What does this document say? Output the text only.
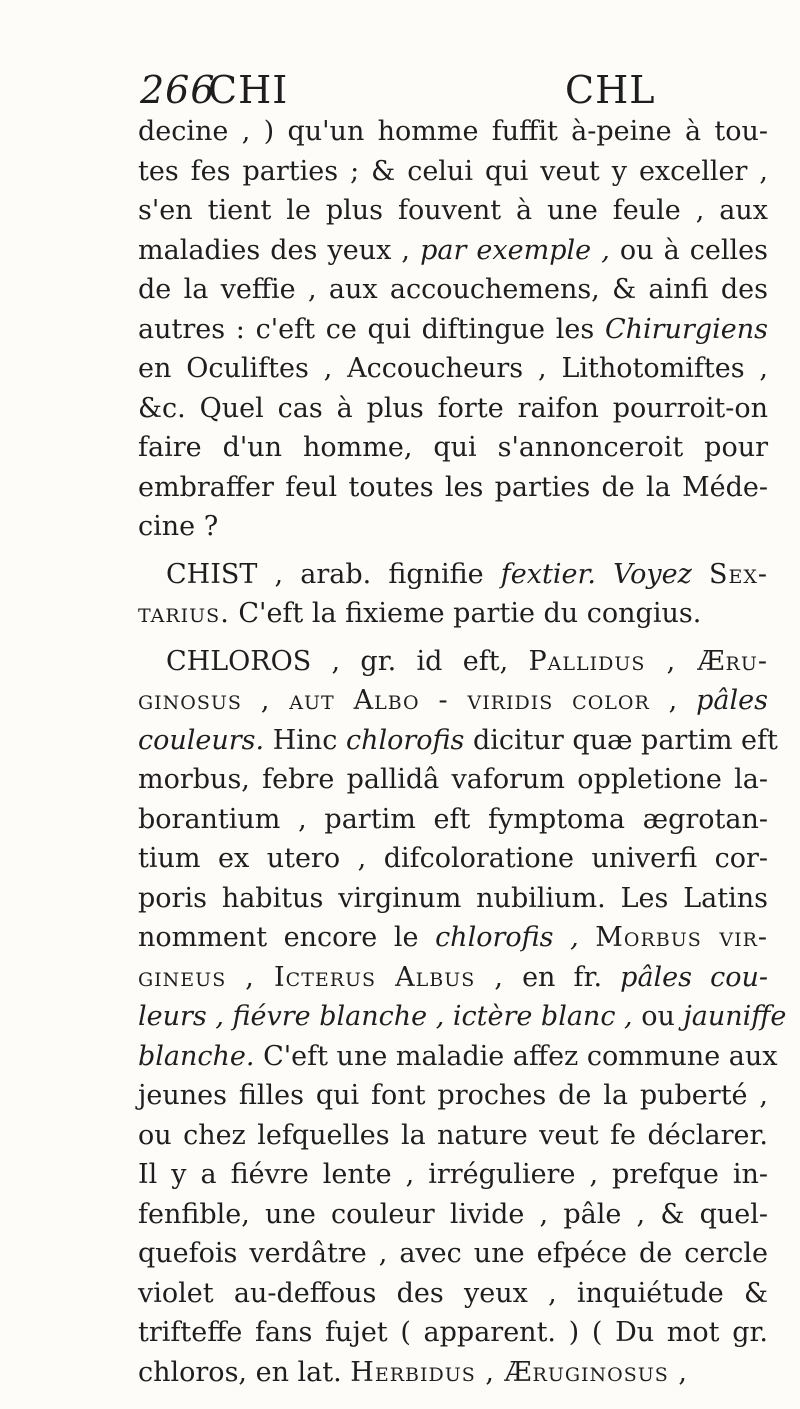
266
CHI	CHL
decine , ) qu'un homme fuffit à-peine à tou-
tes fes parties ; & celui qui veut y exceller ,
s'en tient le plus fouvent à une feule , aux
maladies des yeux , par exemple , ou à celles
de la veffie , aux accouchemens, & ainfi des
autres : c'eft ce qui diftingue les Chirurgiens
en Oculiftes , Accoucheurs , Lithotomiftes ,
&c. Quel cas à plus forte raifon pourroit-on
faire d'un homme, qui s'annonceroit pour
embraffer feul toutes les parties de la Méde-
cine ?
CHIST , arab. fignifie fextier. Voyez Sex-
tarius. C'eft la fixieme partie du congius.
CHLOROS , gr. id eft, Pallidus , Æru-
ginosus , aut Albo - viridis color , pâles
couleurs. Hinc chlorofis dicitur quæ partim eft
morbus, febre pallidâ vaforum oppletione la-
borantium , partim eft fymptoma ægrotan-
tium ex utero , difcoloratione univerfi cor-
poris habitus virginum nubilium. Les Latins
nomment encore le chlorofis , Morbus vir-
gineus , Icterus Albus , en fr. pâles cou-
leurs , fiévre blanche , ictère blanc , ou jauniffe
blanche. C'eft une maladie affez commune aux
jeunes filles qui font proches de la puberté ,
ou chez lefquelles la nature veut fe déclarer.
Il y a fiévre lente , irréguliere , prefque in-
fenfible, une couleur livide , pâle , & quel-
quefois verdâtre , avec une efpéce de cercle
violet au-deffous des yeux , inquiétude &
trifteffe fans fujet ( apparent. ) ( Du mot gr.
chloros, en lat. Herbidus , Æruginosus ,
